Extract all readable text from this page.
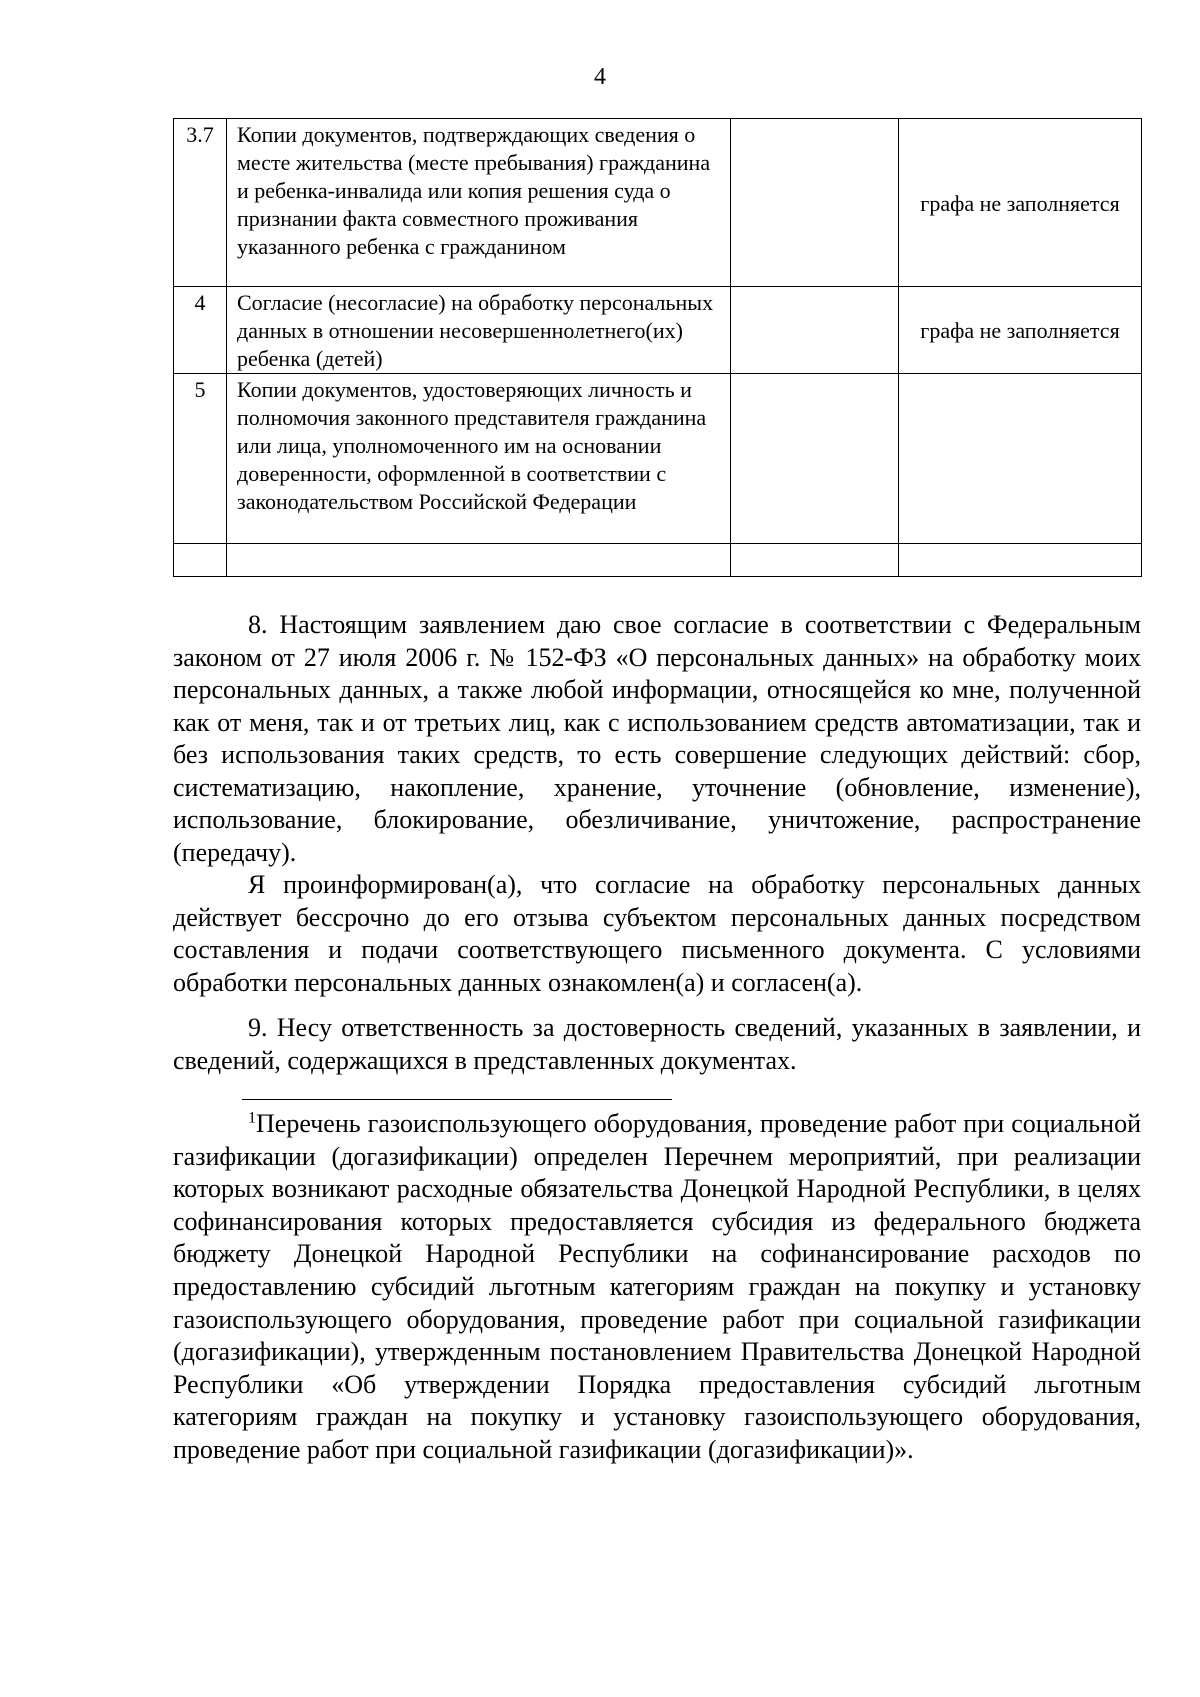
4
3.7	Копии документов, подтверждающих сведения о месте жительства (месте пребывания) гражданина и ребенка-инвалида или копия решения суда о признании факта совместного проживания указанного ребенка с гражданином		графа не заполняется
4	Согласие (несогласие) на обработку персональных данных в отношении несовершеннолетнего(их) ребенка (детей)		графа не заполняется
5	Копии документов, удостоверяющих личность и полномочия законного представителя гражданина или лица, уполномоченного им на основании доверенности, оформленной в соответствии с законодательством Российской Федерации		

8. Настоящим заявлением даю свое согласие в соответствии с Федеральным законом от 27 июля 2006 г. № 152-ФЗ «О персональных данных» на обработку моих персональных данных, а также любой информации, относящейся ко мне, полученной как от меня, так и от третьих лиц, как с использованием средств автоматизации, так и без использования таких средств, то есть совершение следующих действий: сбор, систематизацию, накопление, хранение, уточнение (обновление, изменение), использование, блокирование, обезличивание, уничтожение, распространение (передачу).

Я проинформирован(а), что согласие на обработку персональных данных действует бессрочно до его отзыва субъектом персональных данных посредством составления и подачи соответствующего письменного документа. С условиями обработки персональных данных ознакомлен(а) и согласен(а).

9. Несу ответственность за достоверность сведений, указанных в заявлении, и сведений, содержащихся в представленных документах.

$^1$Перечень газоиспользующего оборудования, проведение работ при социальной газификации (догазификации) определен Перечнем мероприятий, при реализации которых возникают расходные обязательства Донецкой Народной Республики, в целях софинансирования которых предоставляется субсидия из федерального бюджета бюджету Донецкой Народной Республики на софинансирование расходов по предоставлению субсидий льготным категориям граждан на покупку и установку газоиспользующего оборудования, проведение работ при социальной газификации (догазификации), утвержденным постановлением Правительства Донецкой Народной Республики «Об утверждении Порядка предоставления субсидий льготным категориям граждан на покупку и установку газоиспользующего оборудования, проведение работ при социальной газификации (догазификации)».
